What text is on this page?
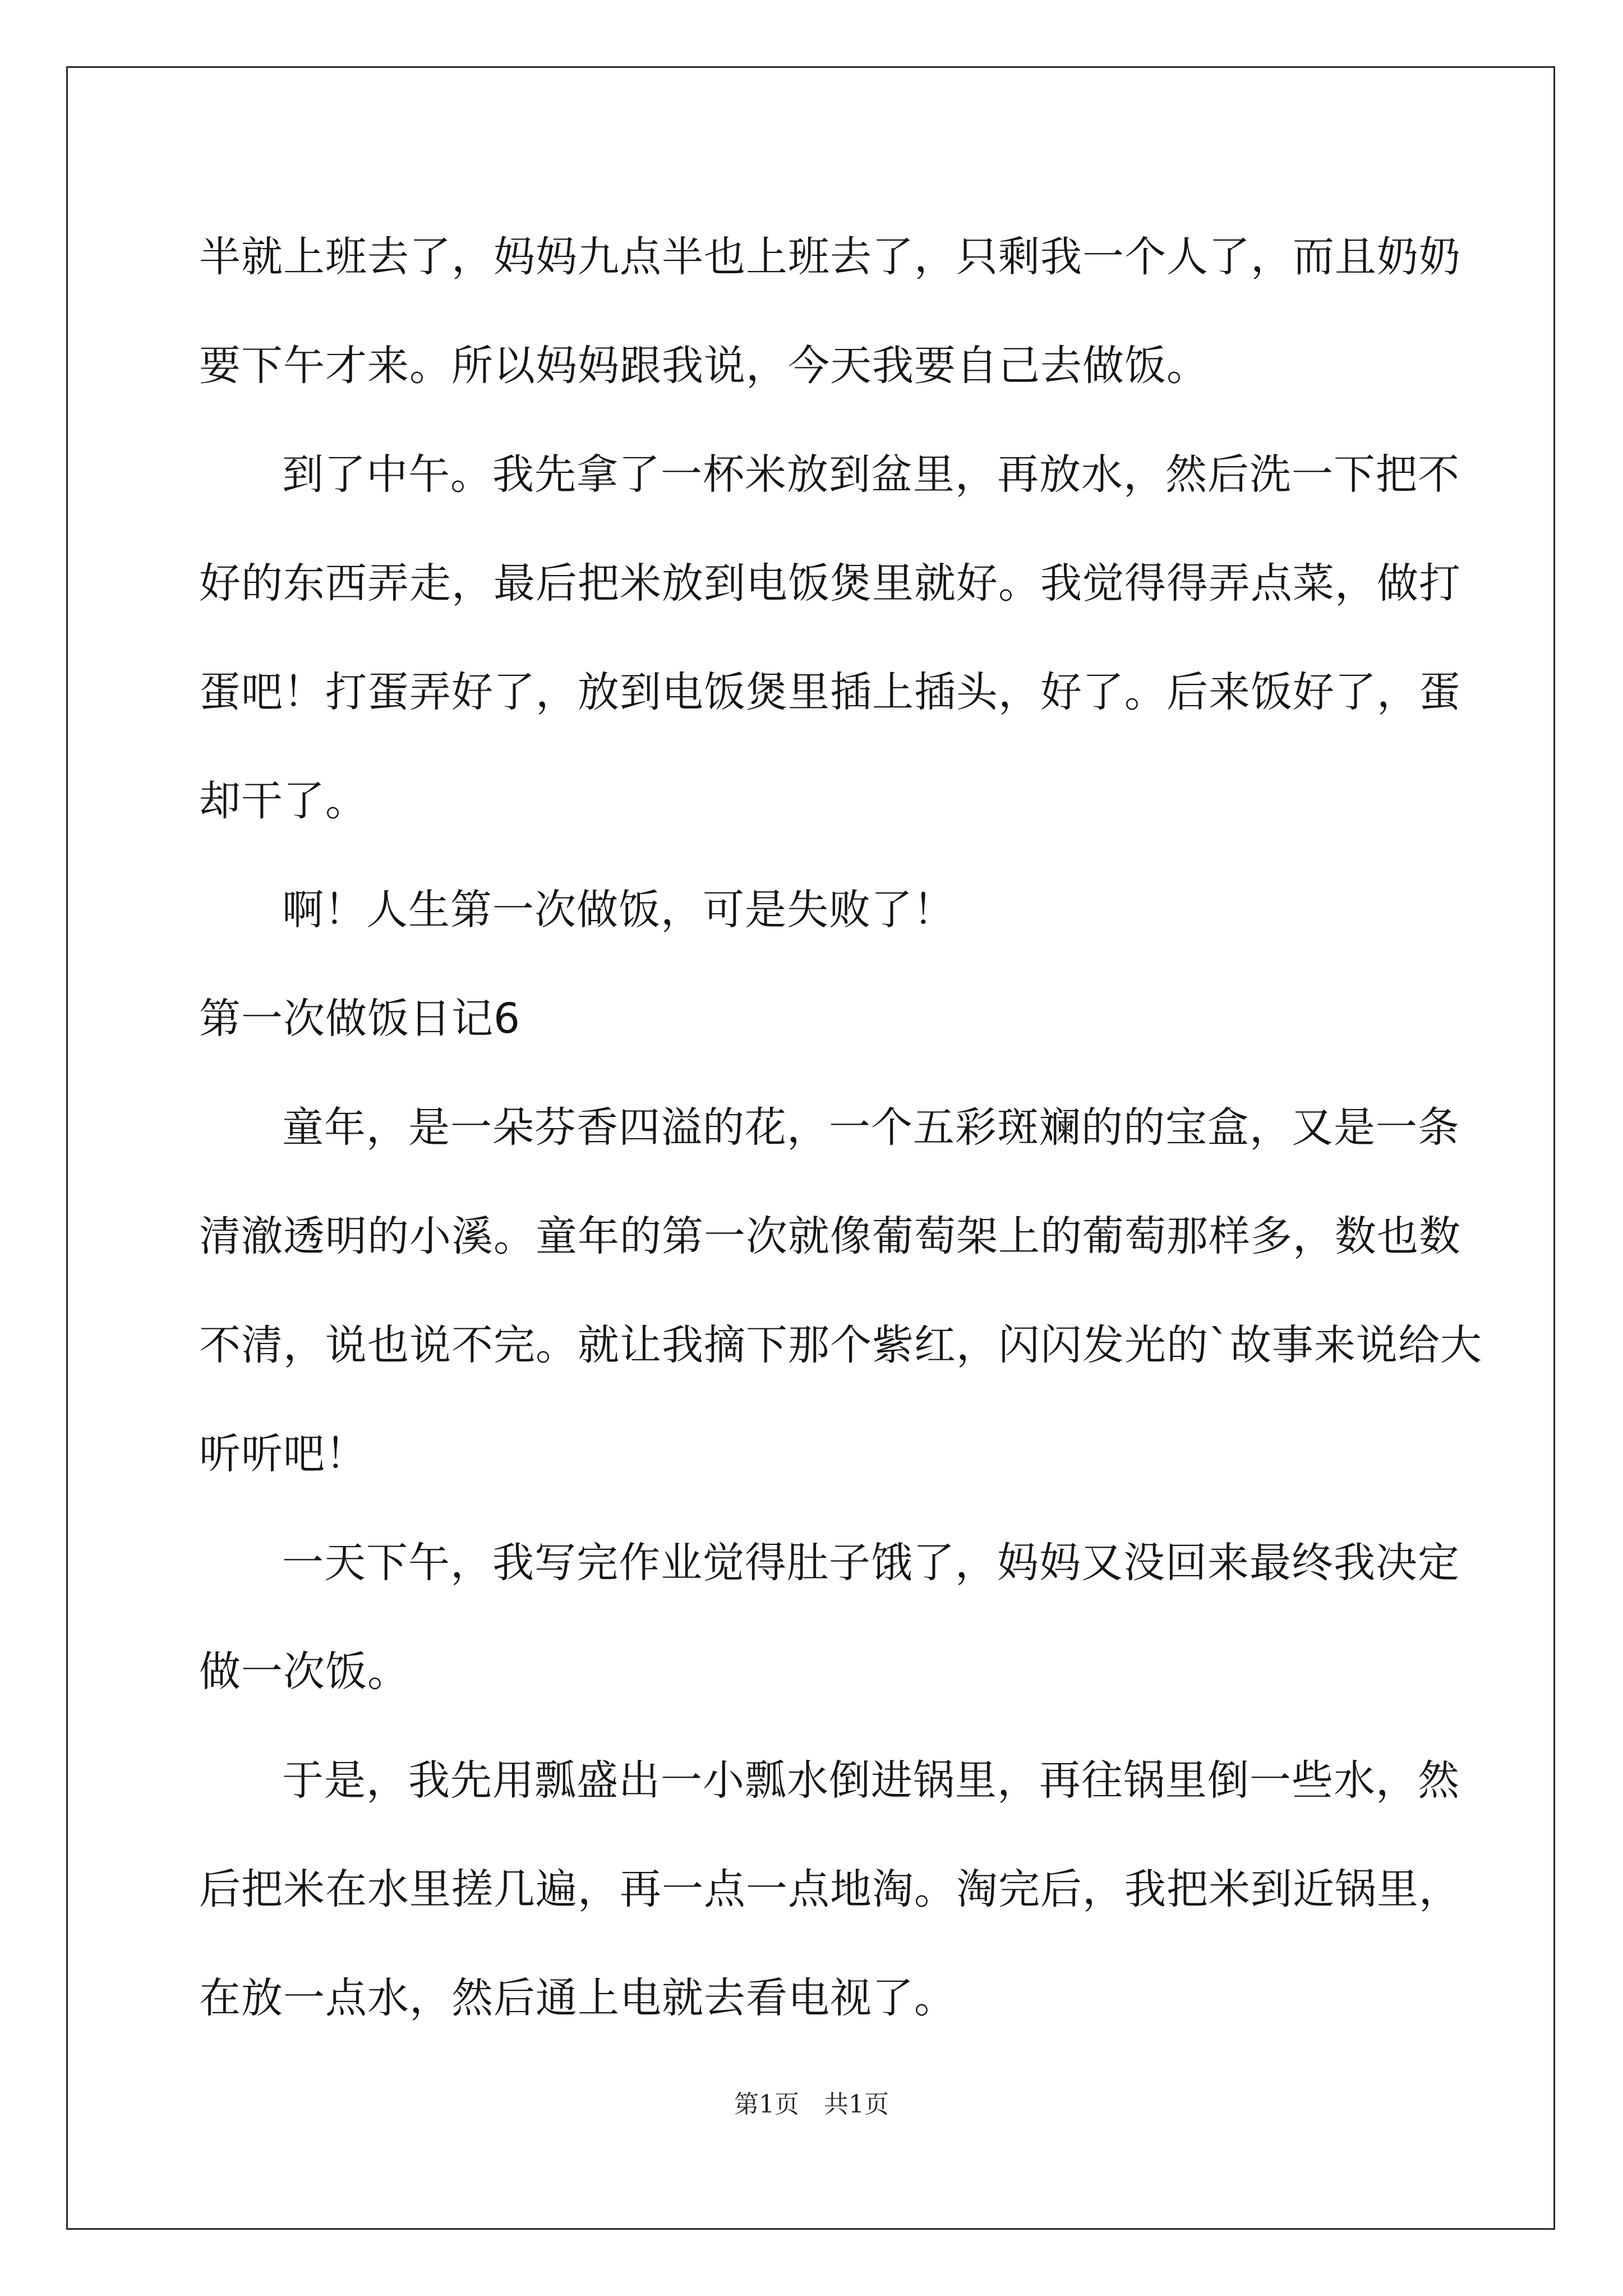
半就上班去了，妈妈九点半也上班去了，只剩我一个人了，而且奶奶
要下午才来。所以妈妈跟我说，今天我要自己去做饭。
到了中午。我先拿了一杯米放到盆里，再放水，然后洗一下把不
好的东西弄走，最后把米放到电饭煲里就好。我觉得得弄点菜，做打
蛋吧！打蛋弄好了，放到电饭煲里插上插头，好了。后来饭好了，蛋
却干了。
啊！人生第一次做饭，可是失败了！
第一次做饭日记6
童年，是一朵芬香四溢的花，一个五彩斑斓的的宝盒，又是一条
清澈透明的小溪。童年的第一次就像葡萄架上的葡萄那样多，数也数
不清，说也说不完。就让我摘下那个紫红，闪闪发光的`故事来说给大
听听吧！
一天下午，我写完作业觉得肚子饿了，妈妈又没回来最终我决定
做一次饭。
于是，我先用瓢盛出一小瓢水倒进锅里，再往锅里倒一些水，然
后把米在水里搓几遍，再一点一点地淘。淘完后，我把米到近锅里，
在放一点水，然后通上电就去看电视了。
第1页　共1页
